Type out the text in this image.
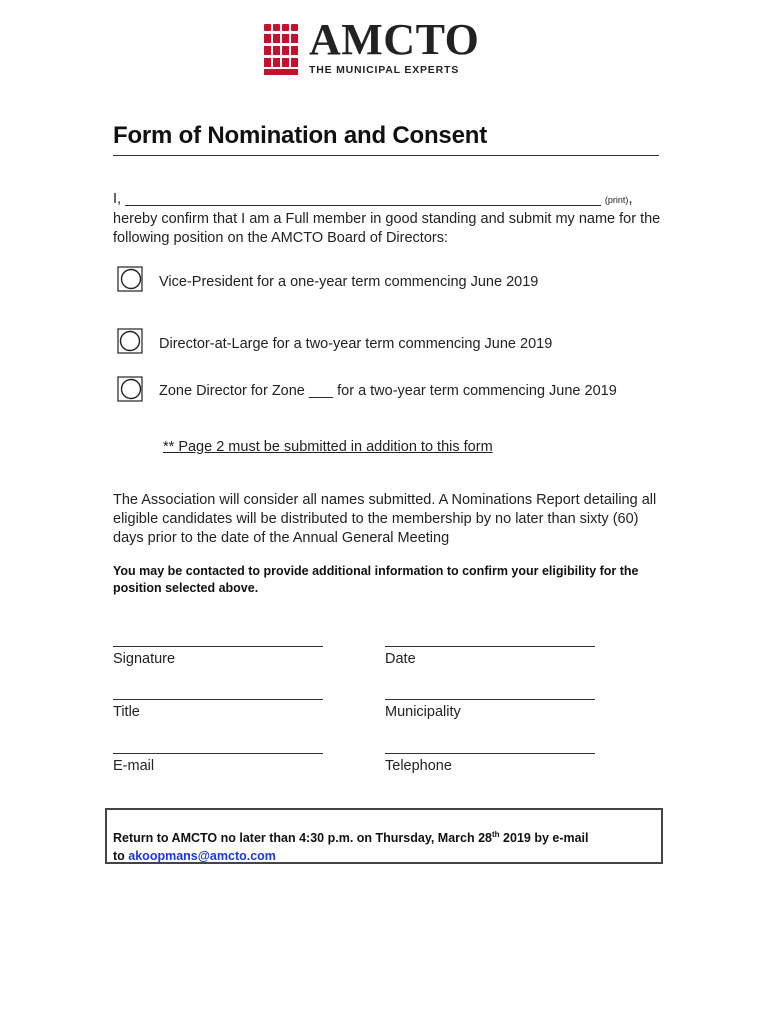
AMCTO
THE MUNICIPAL EXPERTS
Form of Nomination and Consent
I, ___________________________________________________________ (print),
hereby confirm that I am a Full member in good standing and submit my name for the following position on the AMCTO Board of Directors:
Vice-President for a one-year term commencing June 2019
Director-at-Large for a two-year term commencing June 2019
Zone Director for Zone ___ for a two-year term commencing June 2019
** Page 2 must be submitted in addition to this form
The Association will consider all names submitted. A Nominations Report detailing all eligible candidates will be distributed to the membership by no later than sixty (60) days prior to the date of the Annual General Meeting
You may be contacted to provide additional information to confirm your eligibility for the position selected above.
Signature	Date
Title	Municipality
E-mail	Telephone
Return to AMCTO no later than 4:30 p.m. on Thursday, March 28th 2019 by e-mail
to akoopmans@amcto.com
